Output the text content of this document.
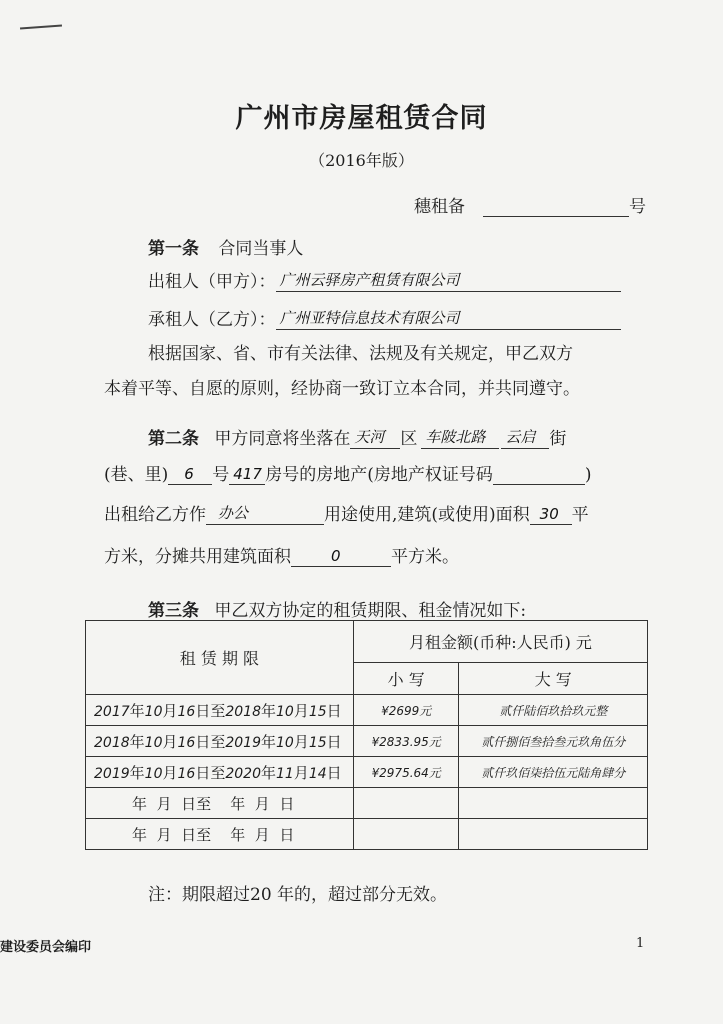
广州市房屋租赁合同
（2016年版）
穗租备	号
第一条 合同当事人
出租人（甲方）： 广州云驿房产租赁有限公司
承租人（乙方）： 广州亚特信息技术有限公司
根据国家、省、市有关法律、法规及有关规定，甲乙双方
本着平等、自愿的原则，经协商一致订立本合同，并共同遵守。
第二条 甲方同意将坐落在 天河 区 车陂北路 云启 街
(巷、里) 6 号 417 房号的房地产(房地产权证号码	)
出租给乙方作 办公	用途使用,建筑(或使用)面积 30 平
方米，分摊共用建筑面积	0	平方米。
第三条 甲乙双方协定的租赁期限、租金情况如下:
租 赁 期 限	月租金额(币种:人民币) 元	
	小 写	大 写
2017年10月16日至2018年10月15日	¥2699元	贰仟陆佰玖拾玖元整
2018年10月16日至2019年10月15日	¥2833.95元	贰仟捌佰叁拾叁元玖角伍分
2019年10月16日至2020年11月14日	¥2975.64元	贰仟玖佰柒拾伍元陆角肆分
年 月 日至 年 月 日		
年 月 日至 年 月 日		
注：期限超过20 年的，超过部分无效。
建设委员会编印	1
